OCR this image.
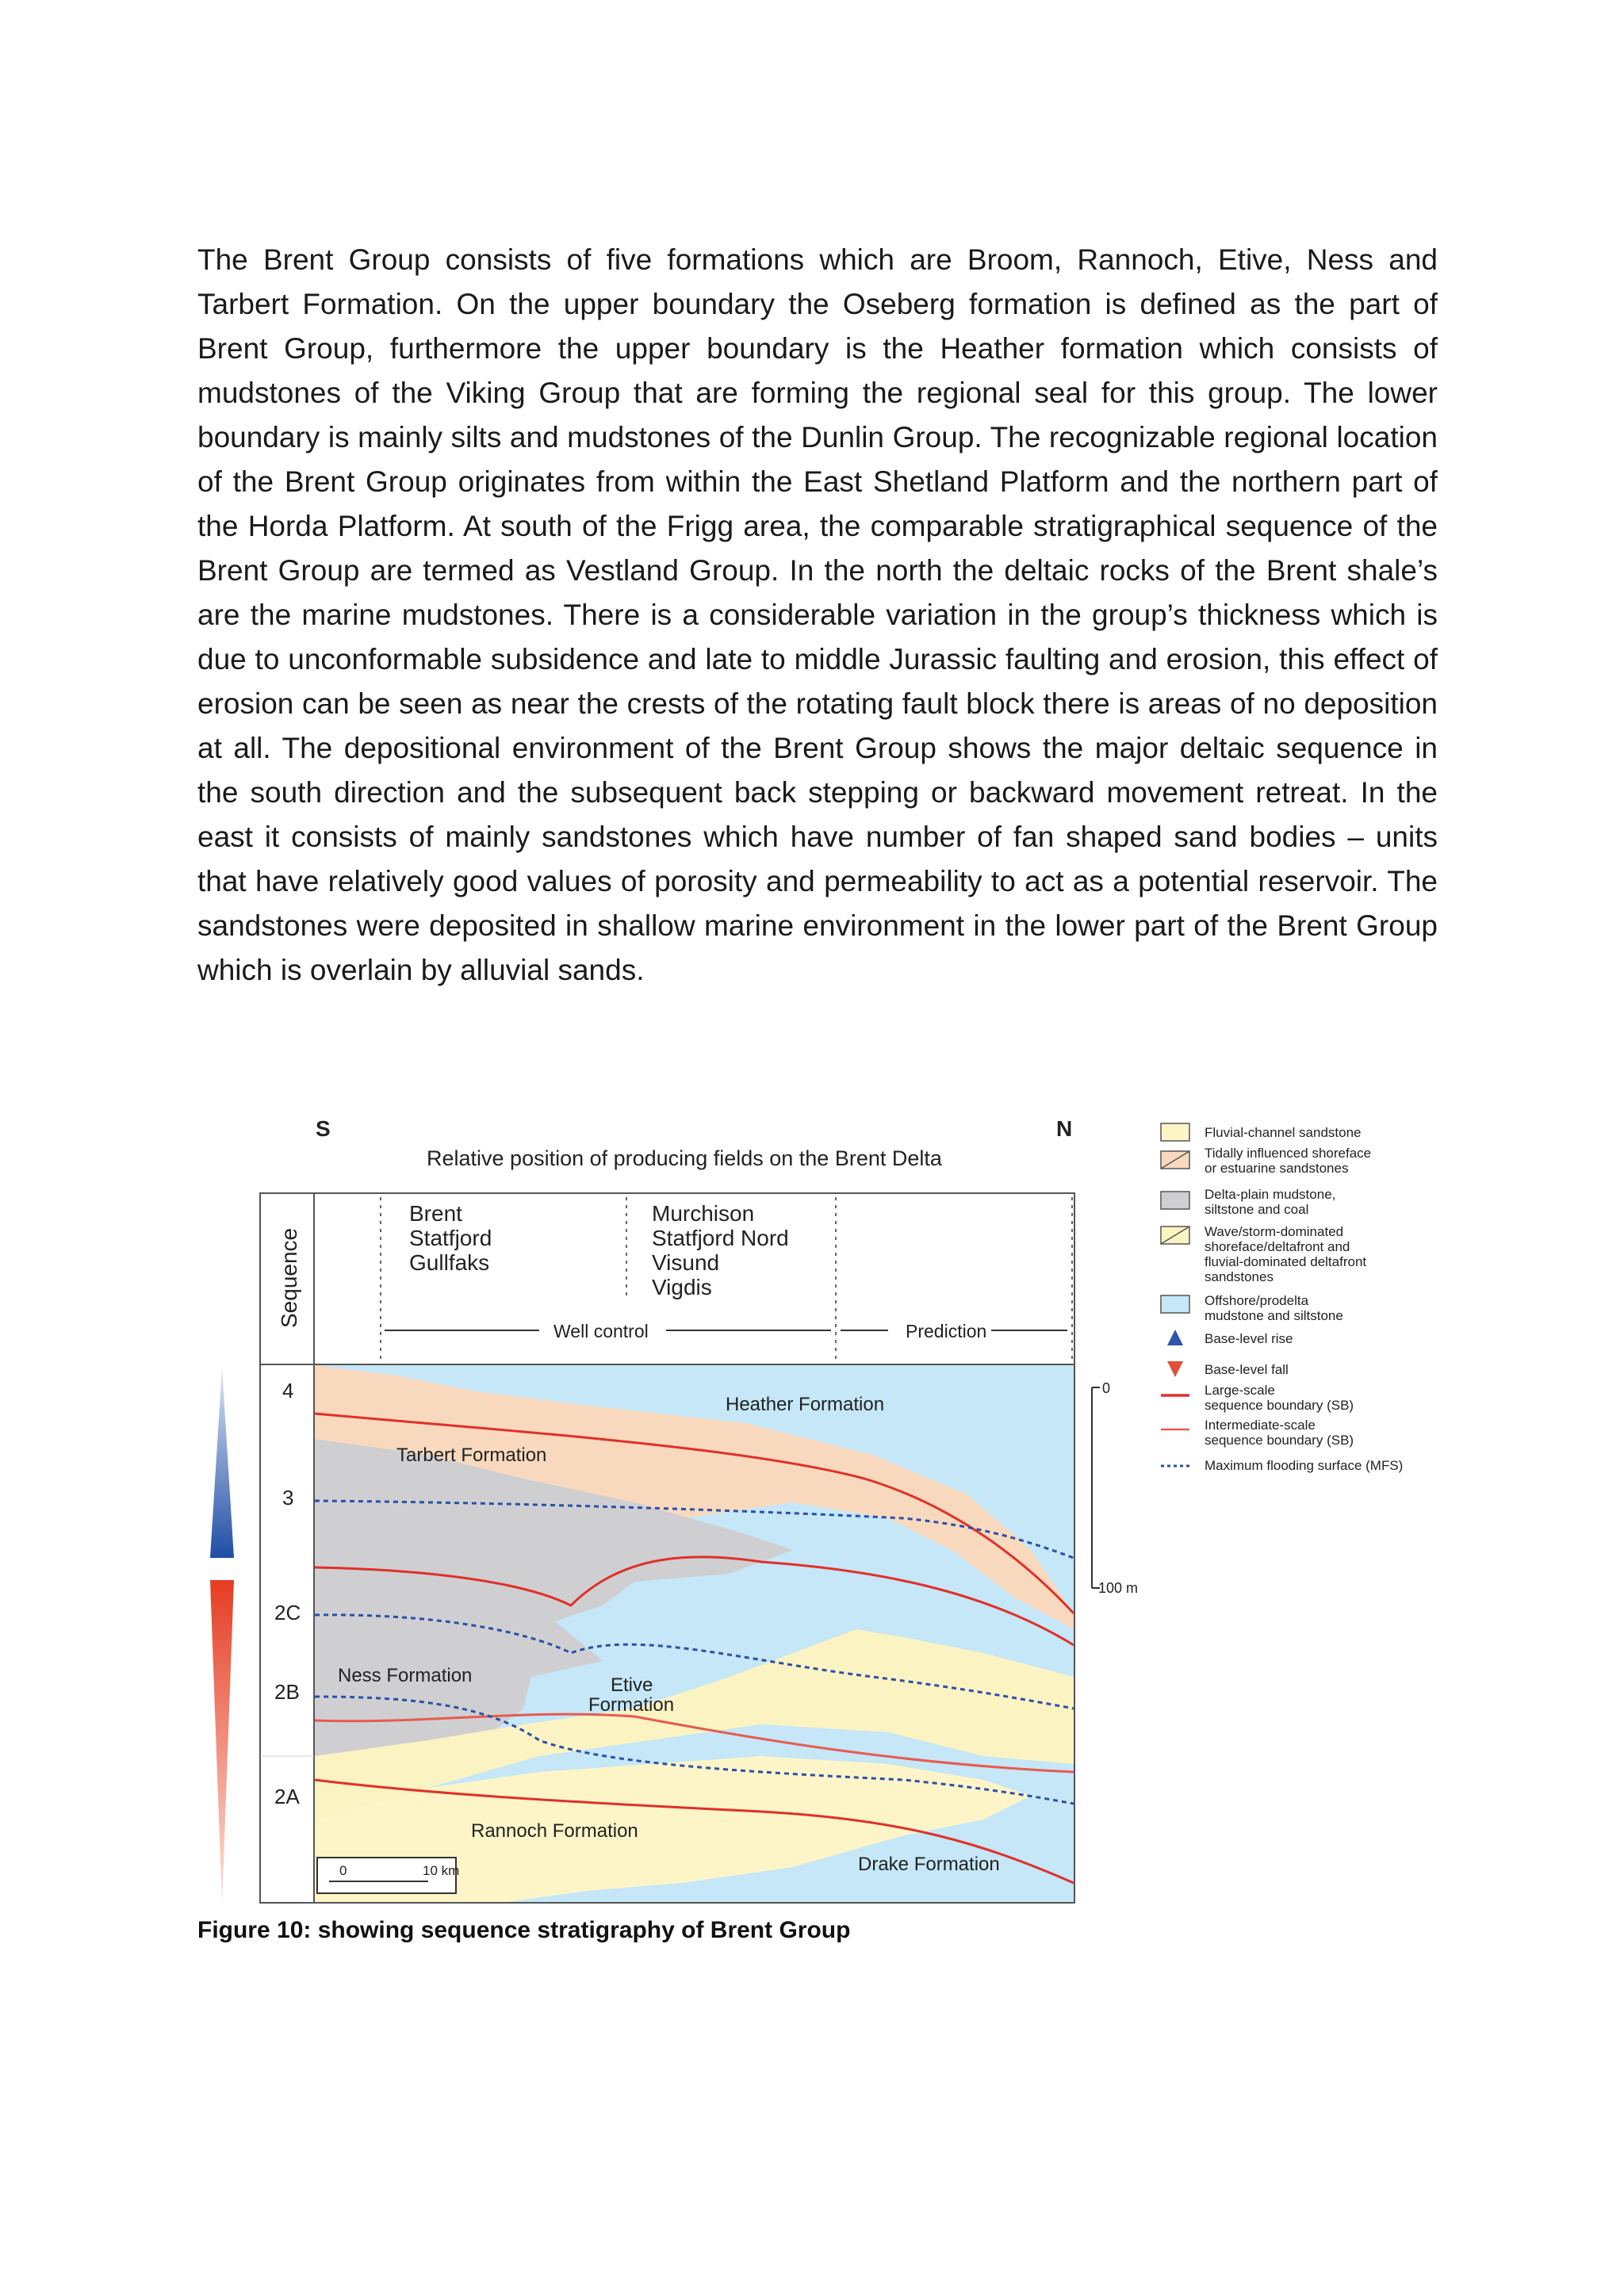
The Brent Group consists of five formations which are Broom, Rannoch, Etive, Ness and Tarbert Formation. On the upper boundary the Oseberg formation is defined as the part of Brent Group, furthermore the upper boundary is the Heather formation which consists of mudstones of the Viking Group that are forming the regional seal for this group. The lower boundary is mainly silts and mudstones of the Dunlin Group. The recognizable regional location of the Brent Group originates from within the East Shetland Platform and the northern part of the Horda Platform. At south of the Frigg area, the comparable stratigraphical sequence of the Brent Group are termed as Vestland Group. In the north the deltaic rocks of the Brent shale’s are the marine mudstones. There is a considerable variation in the group’s thickness which is due to unconformable subsidence and late to middle Jurassic faulting and erosion, this effect of erosion can be seen as near the crests of the rotating fault block there is areas of no deposition at all. The depositional environment of the Brent Group shows the major deltaic sequence in the south direction and the subsequent back stepping or backward movement retreat. In the east it consists of mainly sandstones which have number of fan shaped sand bodies – units that have relatively good values of porosity and permeability to act as a potential reservoir. The sandstones were deposited in shallow marine environment in the lower part of the Brent Group which is overlain by alluvial sands.

S	N
Relative position of producing fields on the Brent Delta
Sequence
Brent
Statfjord
Gullfaks
Murchison
Statfjord Nord
Visund
Vigdis
Well control	Prediction
4
3
2C
2B
2A
Heather Formation
Tarbert Formation
Ness Formation	Etive
Formation
Rannoch Formation
Drake Formation
0	10 km
0
100 m
Fluvial-channel sandstone
Tidally influenced shoreface
or estuarine sandstones
Delta-plain mudstone,
siltstone and coal
Wave/storm-dominated
shoreface/deltafront and
fluvial-dominated deltafront
sandstones
Offshore/prodelta
mudstone and siltstone
Base-level rise
Base-level fall
Large-scale
sequence boundary (SB)
Intermediate-scale
sequence boundary (SB)
Maximum flooding surface (MFS)

Figure 10: showing sequence stratigraphy of Brent Group
